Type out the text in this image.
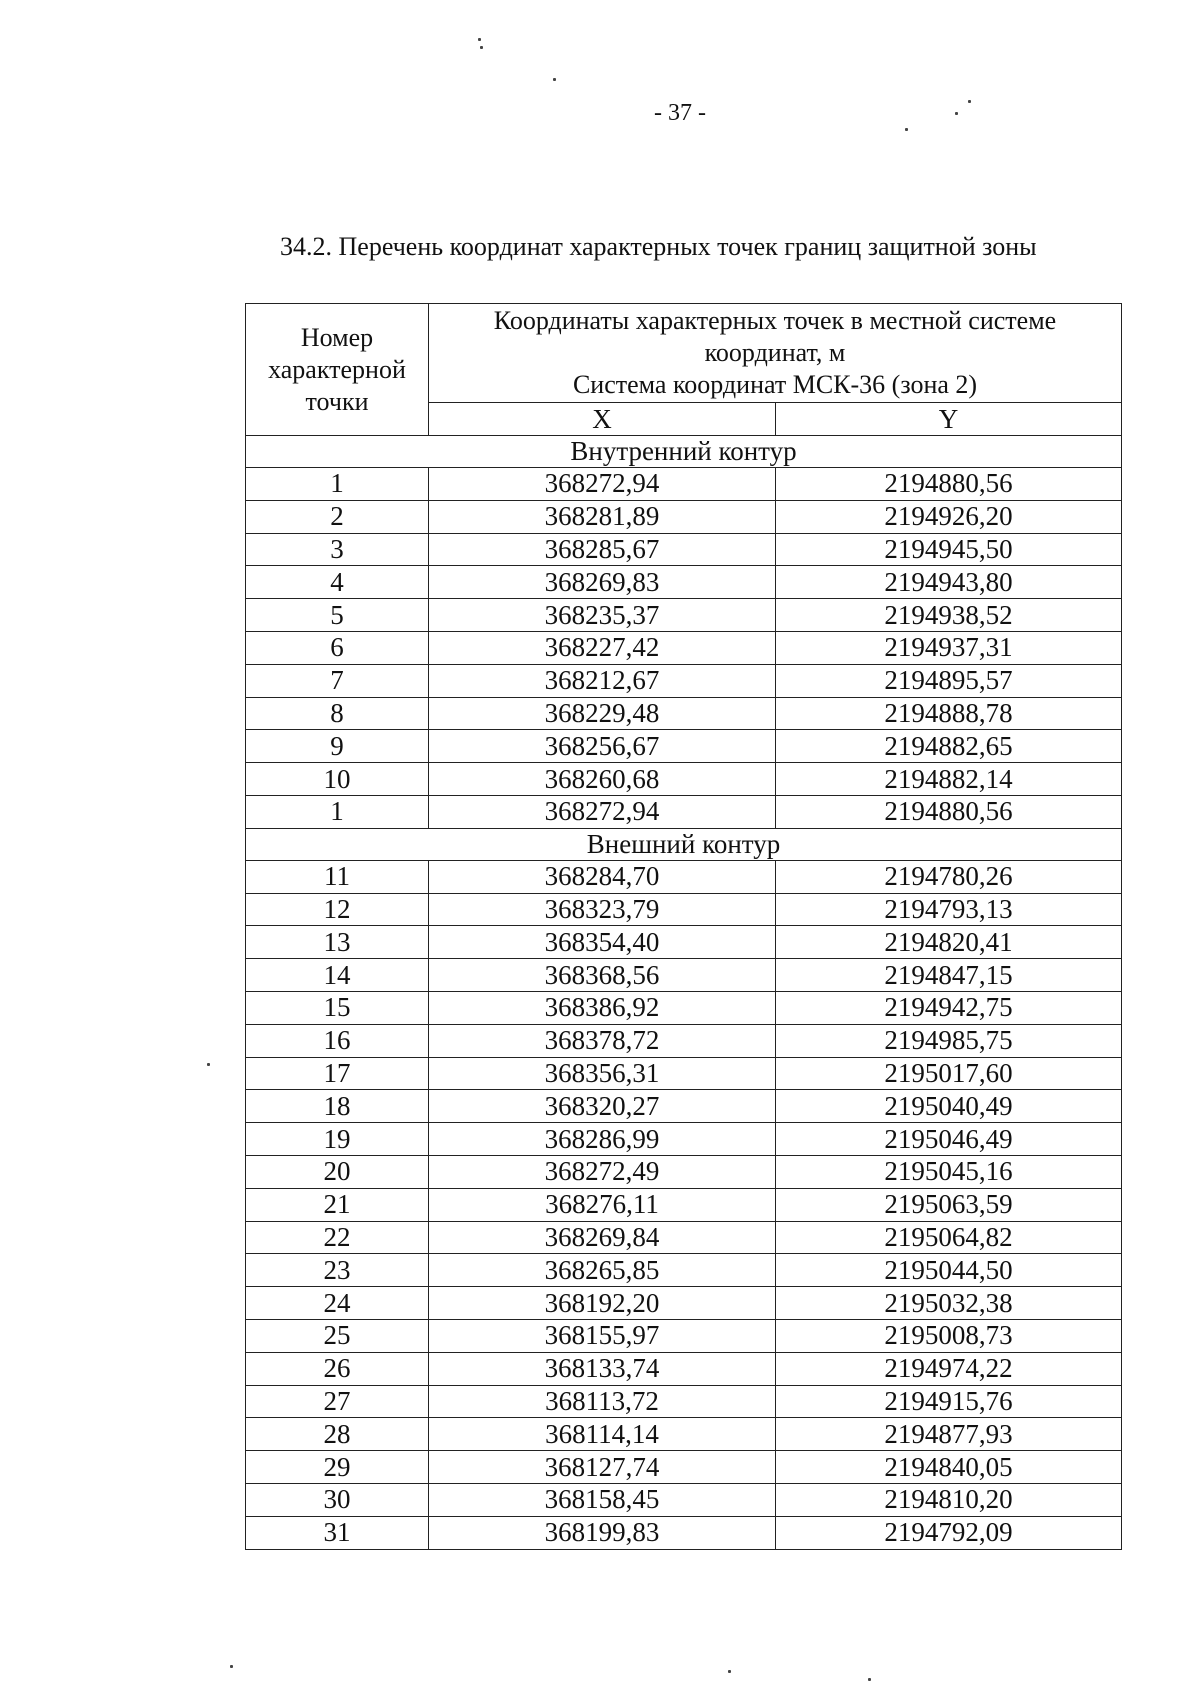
- 37 -
34.2. Перечень координат характерных точек границ защитной зоны
Номер
характерной
точки	Координаты характерных точек в местной системе
координат, м
Система координат МСК-36 (зона 2)	
	X	Y
Внутренний контур		
1	368272,94	2194880,56
2	368281,89	2194926,20
3	368285,67	2194945,50
4	368269,83	2194943,80
5	368235,37	2194938,52
6	368227,42	2194937,31
7	368212,67	2194895,57
8	368229,48	2194888,78
9	368256,67	2194882,65
10	368260,68	2194882,14
1	368272,94	2194880,56
Внешний контур		
11	368284,70	2194780,26
12	368323,79	2194793,13
13	368354,40	2194820,41
14	368368,56	2194847,15
15	368386,92	2194942,75
16	368378,72	2194985,75
17	368356,31	2195017,60
18	368320,27	2195040,49
19	368286,99	2195046,49
20	368272,49	2195045,16
21	368276,11	2195063,59
22	368269,84	2195064,82
23	368265,85	2195044,50
24	368192,20	2195032,38
25	368155,97	2195008,73
26	368133,74	2194974,22
27	368113,72	2194915,76
28	368114,14	2194877,93
29	368127,74	2194840,05
30	368158,45	2194810,20
31	368199,83	2194792,09
